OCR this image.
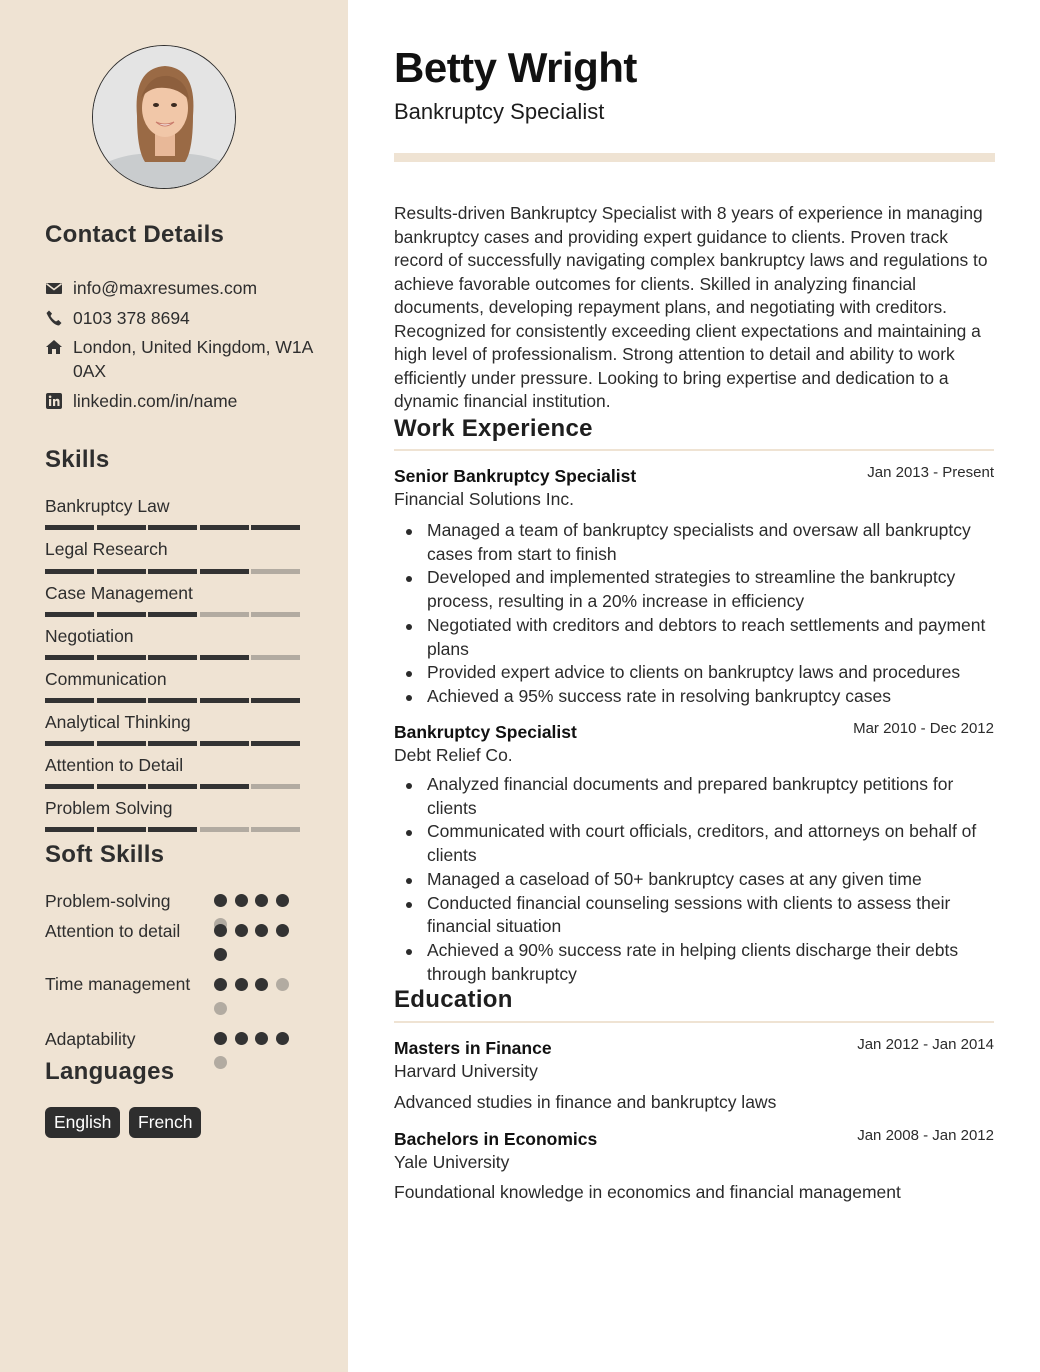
Contact Details
info@maxresumes.com
0103 378 8694
London, United Kingdom, W1A 0AX
linkedin.com/in/name
Skills
Bankruptcy Law
Legal Research
Case Management
Negotiation
Communication
Analytical Thinking
Attention to Detail
Problem Solving
Soft Skills
Problem-solving
Attention to detail
Time management
Adaptability
Languages
English	French
Betty Wright
Bankruptcy Specialist
Results-driven Bankruptcy Specialist with 8 years of experience in managing bankruptcy cases and providing expert guidance to clients. Proven track record of successfully navigating complex bankruptcy laws and regulations to achieve favorable outcomes for clients. Skilled in analyzing financial documents, developing repayment plans, and negotiating with creditors. Recognized for consistently exceeding client expectations and maintaining a high level of professionalism. Strong attention to detail and ability to work efficiently under pressure. Looking to bring expertise and dedication to a dynamic financial institution.
Work Experience
Senior Bankruptcy Specialist	Jan 2013 - Present
Financial Solutions Inc.
Managed a team of bankruptcy specialists and oversaw all bankruptcy cases from start to finish
Developed and implemented strategies to streamline the bankruptcy process, resulting in a 20% increase in efficiency
Negotiated with creditors and debtors to reach settlements and payment plans
Provided expert advice to clients on bankruptcy laws and procedures
Achieved a 95% success rate in resolving bankruptcy cases
Bankruptcy Specialist	Mar 2010 - Dec 2012
Debt Relief Co.
Analyzed financial documents and prepared bankruptcy petitions for clients
Communicated with court officials, creditors, and attorneys on behalf of clients
Managed a caseload of 50+ bankruptcy cases at any given time
Conducted financial counseling sessions with clients to assess their financial situation
Achieved a 90% success rate in helping clients discharge their debts through bankruptcy
Education
Masters in Finance	Jan 2012 - Jan 2014
Harvard University
Advanced studies in finance and bankruptcy laws
Bachelors in Economics	Jan 2008 - Jan 2012
Yale University
Foundational knowledge in economics and financial management
